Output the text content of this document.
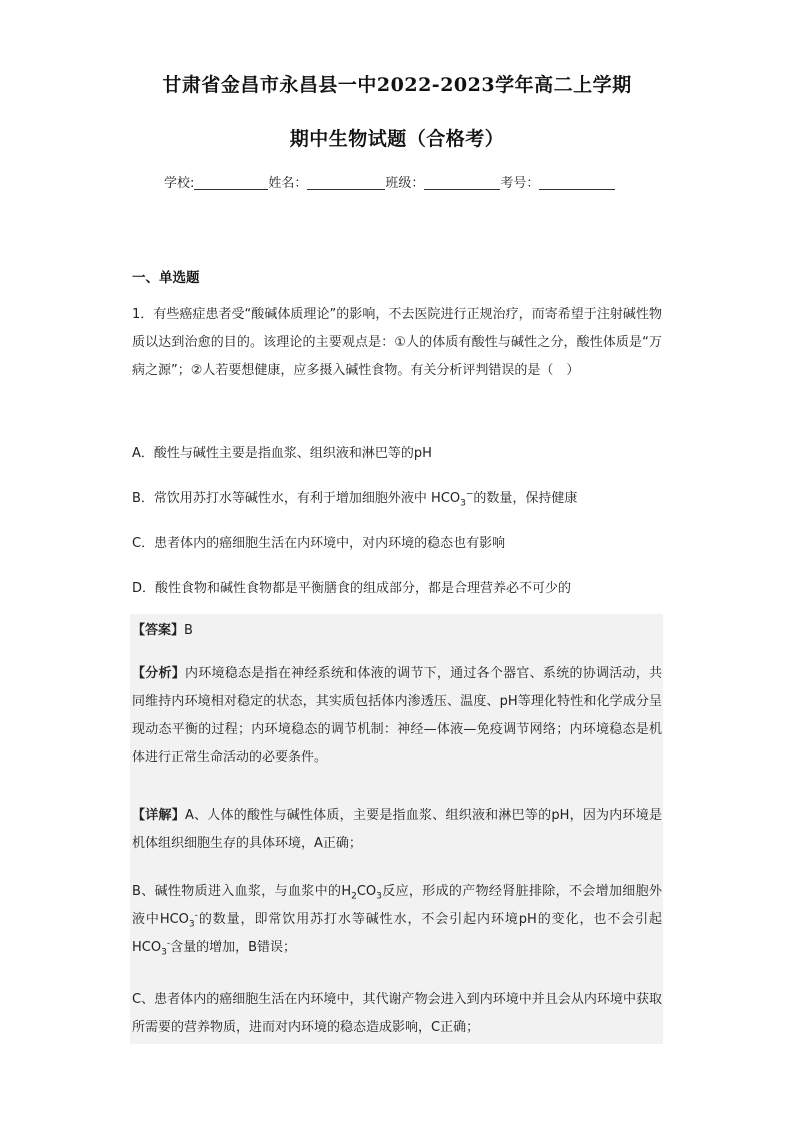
甘肃省金昌市永昌县一中2022-2023学年高二上学期
期中生物试题（合格考）
学校:	姓名：	班级：	考号：
一、单选题
1．有些癌症患者受“酸碱体质理论”的影响，不去医院进行正规治疗，而寄希望于注射碱性物质以达到治愈的目的。该理论的主要观点是：①人的体质有酸性与碱性之分，酸性体质是“万病之源”；②人若要想健康，应多摄入碱性食物。有关分析评判错误的是（　）
A．酸性与碱性主要是指血浆、组织液和淋巴等的pH
B．常饮用苏打水等碱性水，有利于增加细胞外液中 $HCO_3^-$的数量，保持健康
C．患者体内的癌细胞生活在内环境中，对内环境的稳态也有影响
D．酸性食物和碱性食物都是平衡膳食的组成部分，都是合理营养必不可少的
【答案】B
【分析】内环境稳态是指在神经系统和体液的调节下，通过各个器官、系统的协调活动，共同维持内环境相对稳定的状态，其实质包括体内渗透压、温度、pH等理化特性和化学成分呈现动态平衡的过程；内环境稳态的调节机制：神经—体液—免疫调节网络；内环境稳态是机体进行正常生命活动的必要条件。
【详解】A、人体的酸性与碱性体质，主要是指血浆、组织液和淋巴等的pH，因为内环境是机体组织细胞生存的具体环境，A正确；
B、碱性物质进入血浆，与血浆中的$H_2CO_3$反应，形成的产物经肾脏排除，不会增加细胞外液中$HCO_3^-$的数量，即常饮用苏打水等碱性水，不会引起内环境pH的变化，也不会引起$HCO_3^-$含量的增加，B错误；
C、患者体内的癌细胞生活在内环境中，其代谢产物会进入到内环境中并且会从内环境中获取所需要的营养物质，进而对内环境的稳态造成影响，C正确；
